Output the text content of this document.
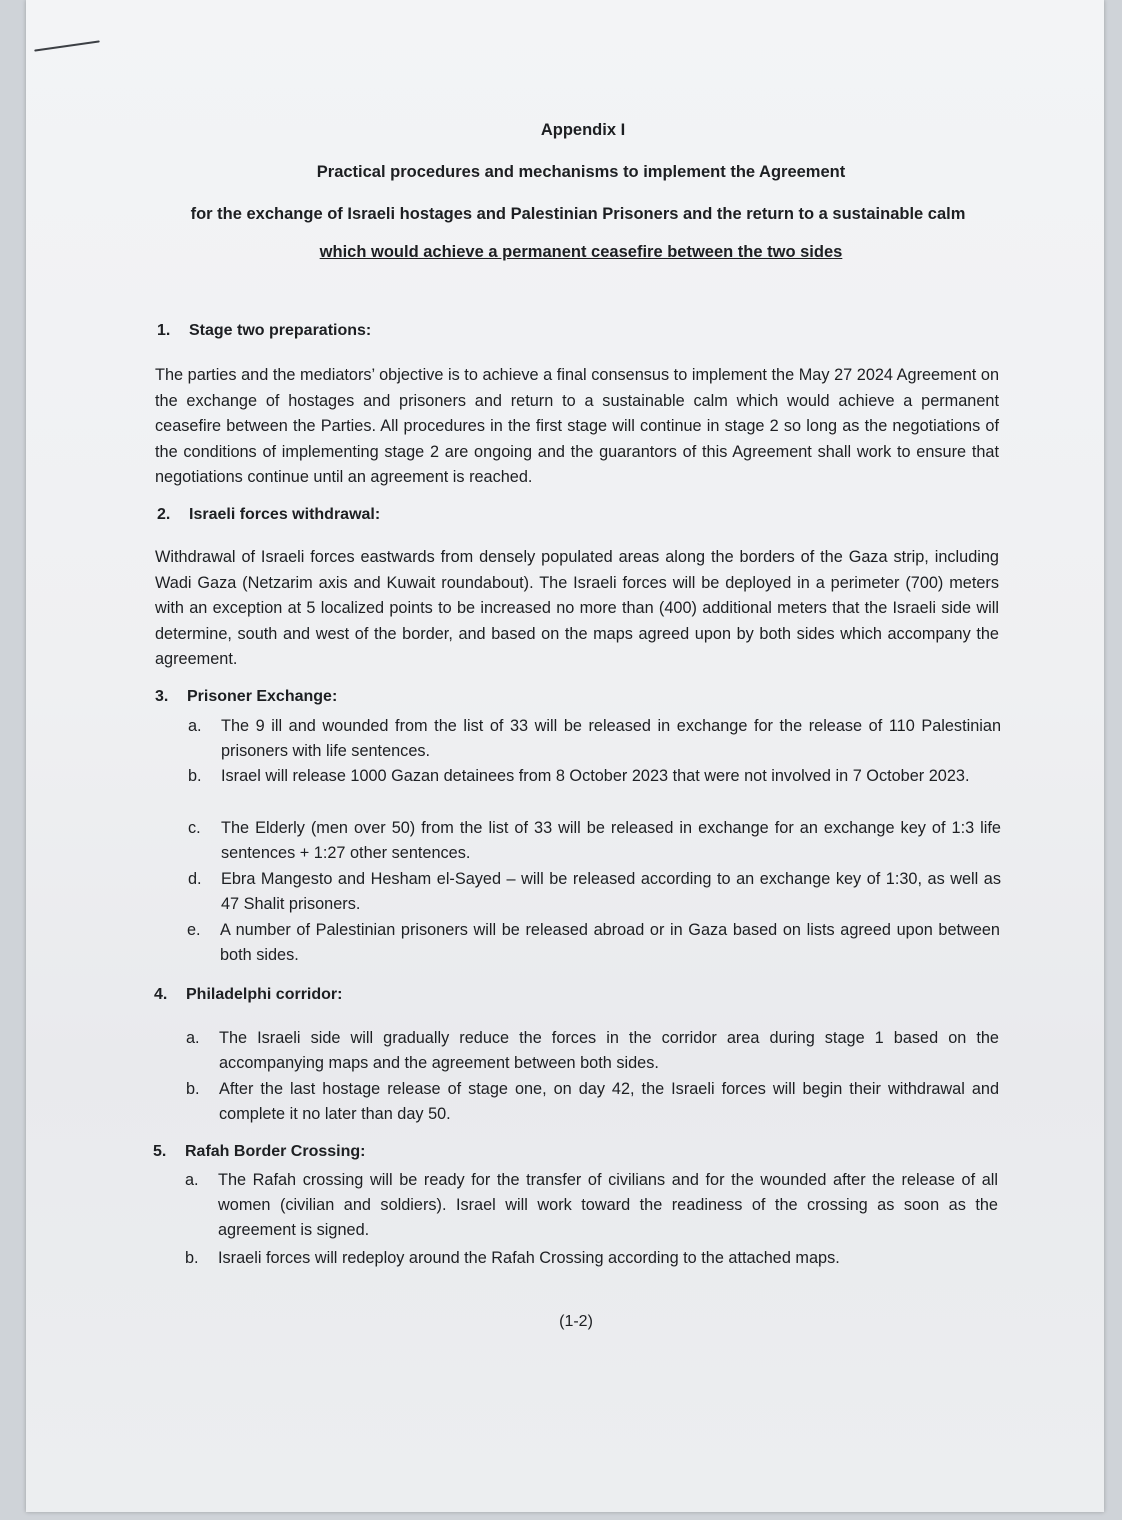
Appendix I
Practical procedures and mechanisms to implement the Agreement
for the exchange of Israeli hostages and Palestinian Prisoners and the return to a sustainable calm
which would achieve a permanent ceasefire between the two sides
1. Stage two preparations:

The parties and the mediators’ objective is to achieve a final consensus to implement the May 27 2024 Agreement on the exchange of hostages and prisoners and return to a sustainable calm which would achieve a permanent ceasefire between the Parties. All procedures in the first stage will continue in stage 2 so long as the negotiations of the conditions of implementing stage 2 are ongoing and the guarantors of this Agreement shall work to ensure that negotiations continue until an agreement is reached.

2. Israeli forces withdrawal:

Withdrawal of Israeli forces eastwards from densely populated areas along the borders of the Gaza strip, including Wadi Gaza (Netzarim axis and Kuwait roundabout). The Israeli forces will be deployed in a perimeter (700) meters with an exception at 5 localized points to be increased no more than (400) additional meters that the Israeli side will determine, south and west of the border, and based on the maps agreed upon by both sides which accompany the agreement.

3. Prisoner Exchange:
a. The 9 ill and wounded from the list of 33 will be released in exchange for the release of 110 Palestinian prisoners with life sentences.
b. Israel will release 1000 Gazan detainees from 8 October 2023 that were not involved in 7 October 2023.
c. The Elderly (men over 50) from the list of 33 will be released in exchange for an exchange key of 1:3 life sentences + 1:27 other sentences.
d. Ebra Mangesto and Hesham el-Sayed – will be released according to an exchange key of 1:30, as well as 47 Shalit prisoners.
e. A number of Palestinian prisoners will be released abroad or in Gaza based on lists agreed upon between both sides.
4. Philadelphi corridor:
a. The Israeli side will gradually reduce the forces in the corridor area during stage 1 based on the accompanying maps and the agreement between both sides.
b. After the last hostage release of stage one, on day 42, the Israeli forces will begin their withdrawal and complete it no later than day 50.
5. Rafah Border Crossing:
a. The Rafah crossing will be ready for the transfer of civilians and for the wounded after the release of all women (civilian and soldiers). Israel will work toward the readiness of the crossing as soon as the agreement is signed.
b. Israeli forces will redeploy around the Rafah Crossing according to the attached maps.
(1-2)
